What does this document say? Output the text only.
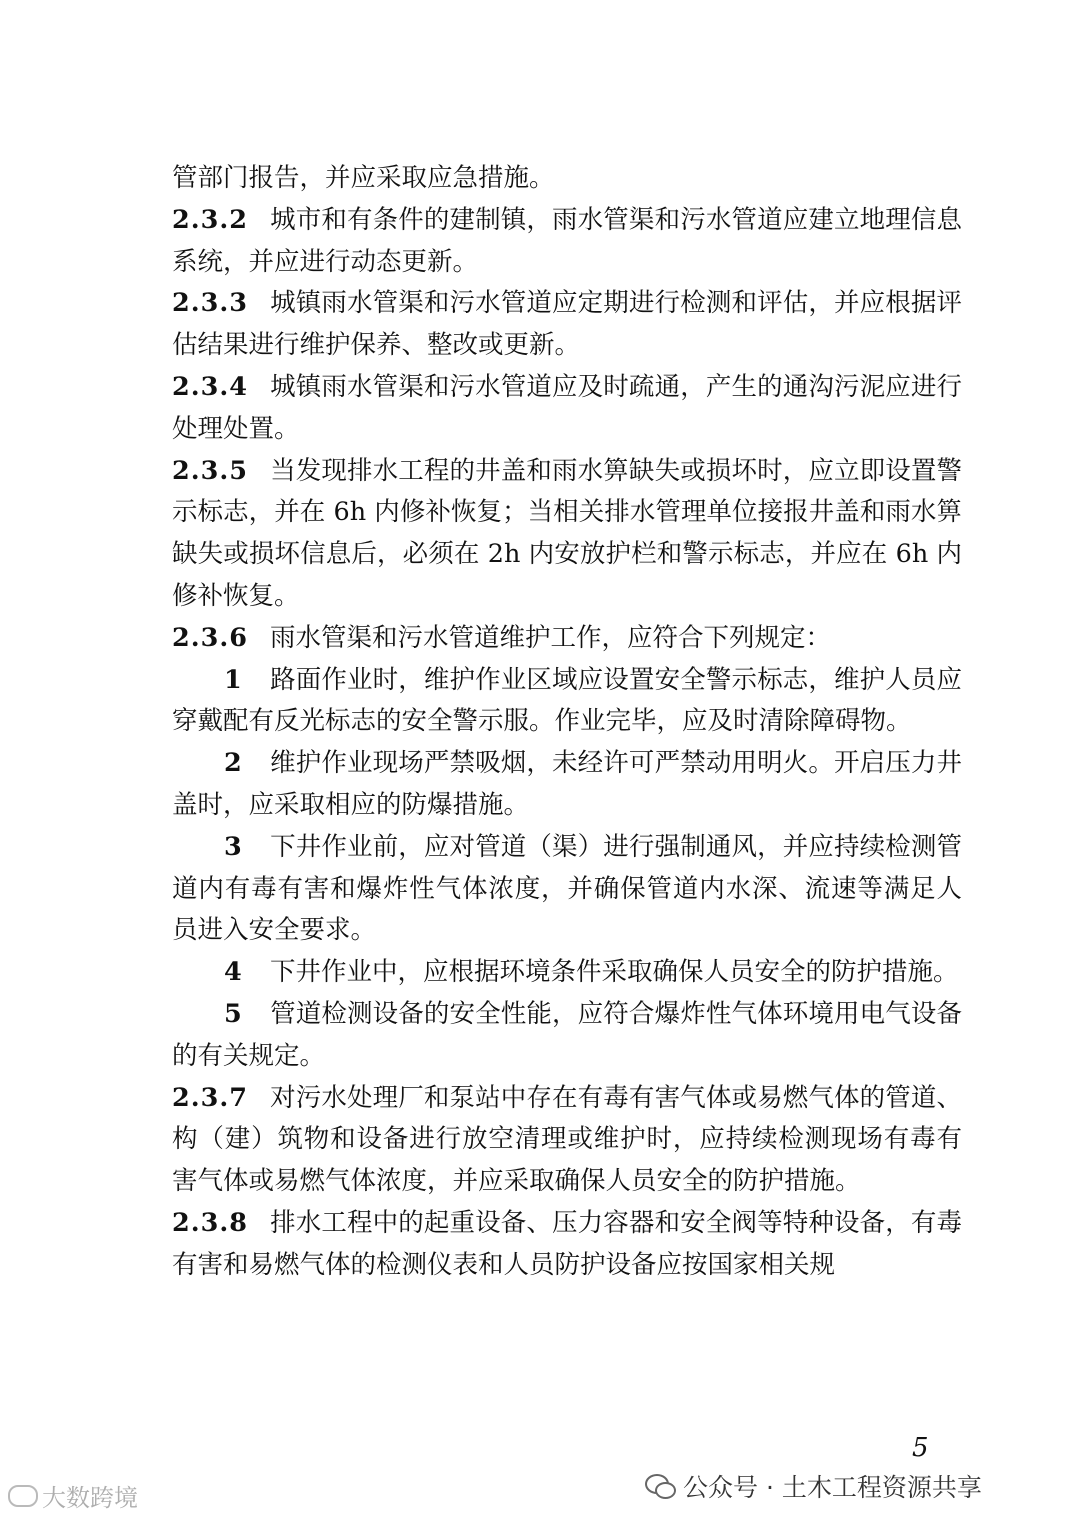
管部门报告，并应采取应急措施。

2.3.2 城市和有条件的建制镇，雨水管渠和污水管道应建立地理信息系统，并应进行动态更新。

2.3.3 城镇雨水管渠和污水管道应定期进行检测和评估，并应根据评估结果进行维护保养、整改或更新。

2.3.4 城镇雨水管渠和污水管道应及时疏通，产生的通沟污泥应进行处理处置。

2.3.5 当发现排水工程的井盖和雨水箅缺失或损坏时，应立即设置警示标志，并在 6h 内修补恢复；当相关排水管理单位接报井盖和雨水箅缺失或损坏信息后，必须在 2h 内安放护栏和警示标志，并应在 6h 内修补恢复。

2.3.6 雨水管渠和污水管道维护工作，应符合下列规定：

1 路面作业时，维护作业区域应设置安全警示标志，维护人员应穿戴配有反光标志的安全警示服。作业完毕，应及时清除障碍物。

2 维护作业现场严禁吸烟，未经许可严禁动用明火。开启压力井盖时，应采取相应的防爆措施。

3 下井作业前，应对管道（渠）进行强制通风，并应持续检测管道内有毒有害和爆炸性气体浓度，并确保管道内水深、流速等满足人员进入安全要求。

4 下井作业中，应根据环境条件采取确保人员安全的防护措施。

5 管道检测设备的安全性能，应符合爆炸性气体环境用电气设备的有关规定。

2.3.7 对污水处理厂和泵站中存在有毒有害气体或易燃气体的管道、构（建）筑物和设备进行放空清理或维护时，应持续检测现场有毒有害气体或易燃气体浓度，并应采取确保人员安全的防护措施。

2.3.8 排水工程中的起重设备、压力容器和安全阀等特种设备，有毒有害和易燃气体的检测仪表和人员防护设备应按国家相关规

5
公众号 · 土木工程资源共享
大数跨境
